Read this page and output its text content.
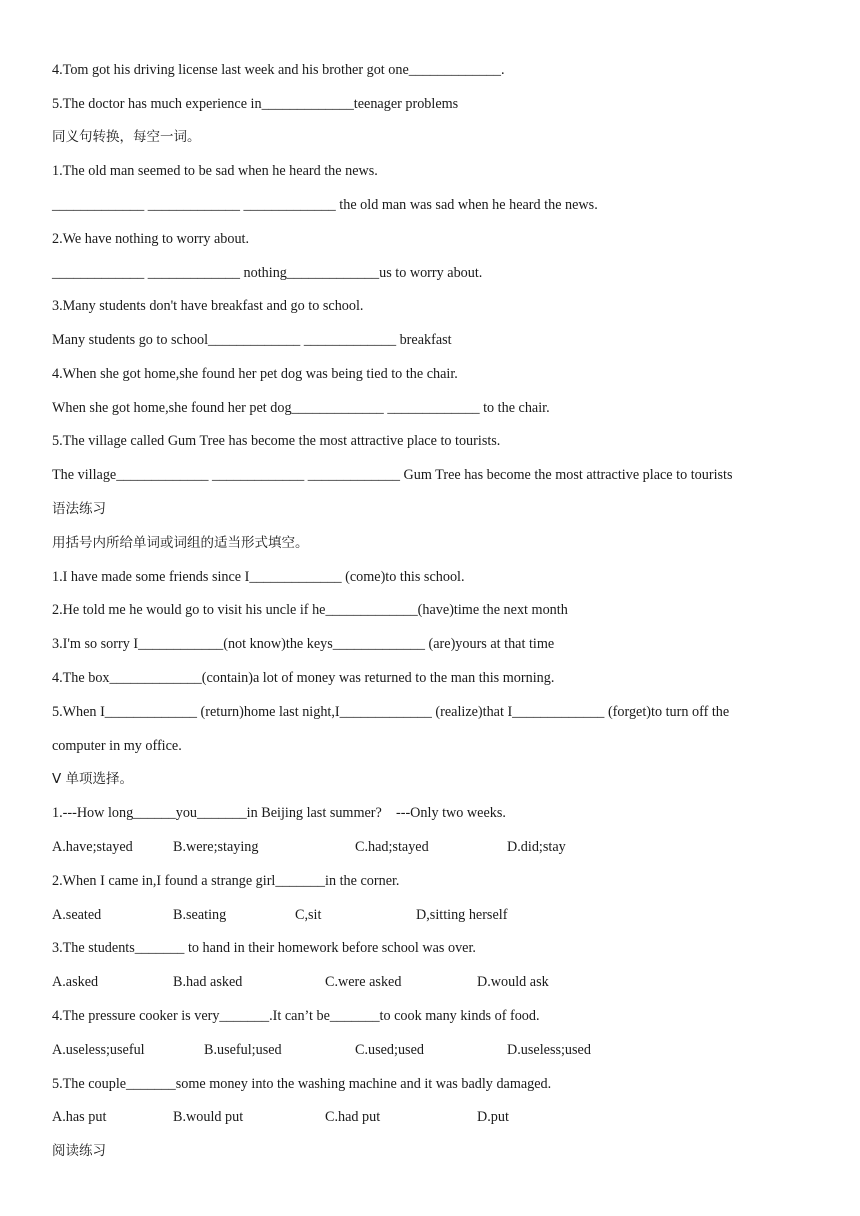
4.Tom got his driving license last week and his brother got one_____________.
5.The doctor has much experience in_____________teenager problems
同义句转换，每空一词。
1.The old man seemed to be sad when he heard the news.
_____________ _____________ _____________ the old man was sad when he heard the news.
2.We have nothing to worry about.
_____________ _____________ nothing_____________us to worry about.
3.Many students don't have breakfast and go to school.
Many students go to school_____________ _____________ breakfast
4.When she got home,she found her pet dog was being tied to the chair.
When she got home,she found her pet dog_____________ _____________ to the chair.
5.The village called Gum Tree has become the most attractive place to tourists.
The village_____________ _____________ _____________ Gum Tree has become the most attractive place to tourists
语法练习
用括号内所给单词或词组的适当形式填空。
1.I have made some friends since I_____________ (come)to this school.
2.He told me he would go to visit his uncle if he_____________(have)time the next month
3.I'm so sorry I____________(not know)the keys_____________ (are)yours at that time
4.The box_____________(contain)a lot of money was returned to the man this morning.
5.When I_____________ (return)home last night,I_____________ (realize)that I_____________ (forget)to turn off the
computer in my office.
V 单项选择。
1.---How long______you_______in Beijing last summer?    ---Only two weeks.
A.have;stayed	B.were;staying	C.had;stayed	D.did;stay
2.When I came in,I found a strange girl_______in the corner.
A.seated	B.seating	C,sit	D,sitting herself
3.The students_______ to hand in their homework before school was over.
A.asked	B.had asked	C.were asked	D.would ask
4.The pressure cooker is very_______.It can’t be_______to cook many kinds of food.
A.useless;useful	B.useful;used	C.used;used	D.useless;used
5.The couple_______some money into the washing machine and it was badly damaged.
A.has put	B.would put	C.had put	D.put
阅读练习
